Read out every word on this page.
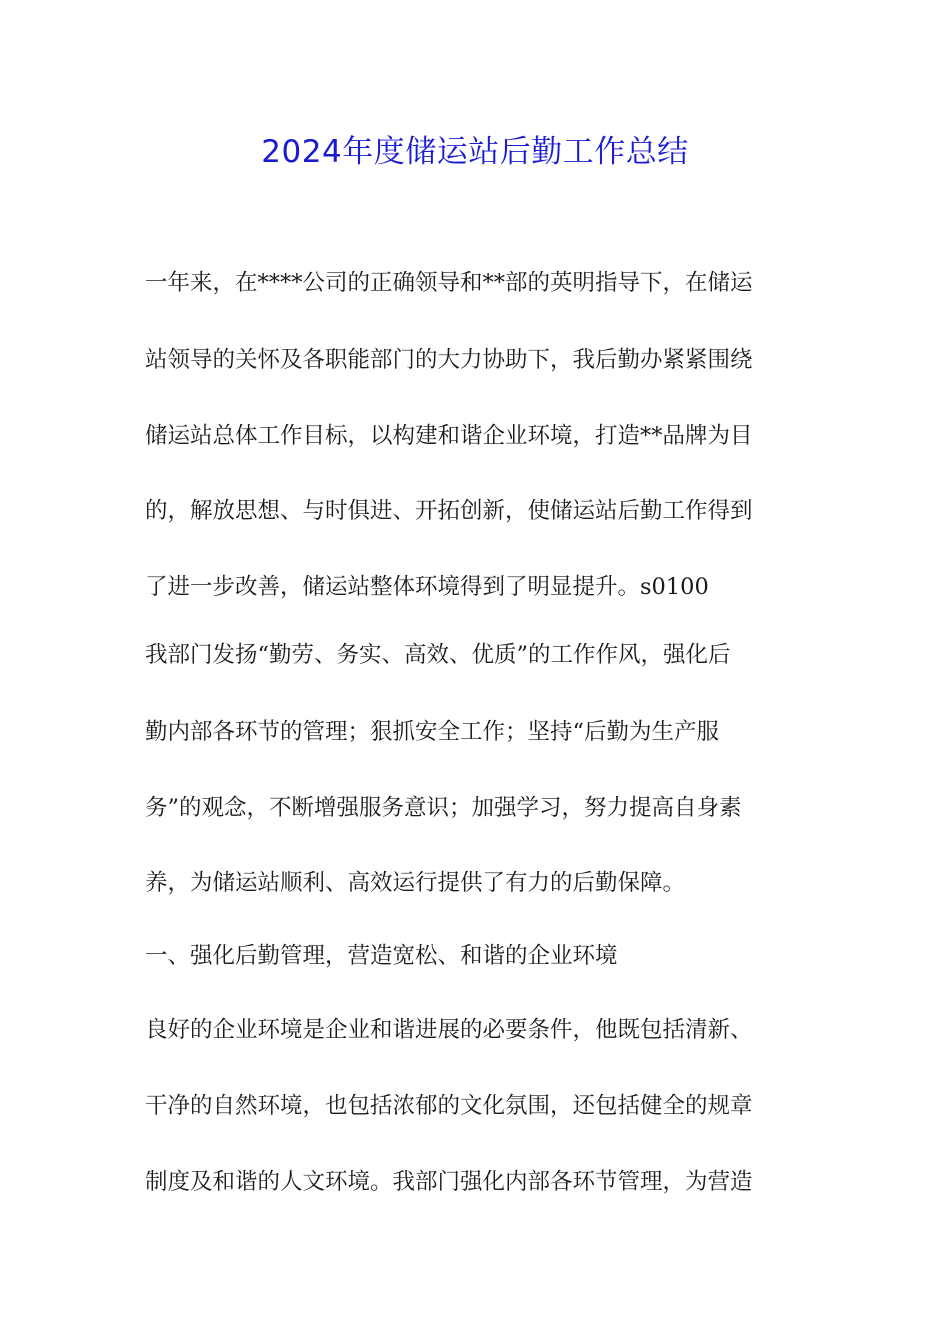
2024年度储运站后勤工作总结

一年来，在****公司的正确领导和**部的英明指导下，在储运

站领导的关怀及各职能部门的大力协助下，我后勤办紧紧围绕

储运站总体工作目标，以构建和谐企业环境，打造**品牌为目

的，解放思想、与时俱进、开拓创新，使储运站后勤工作得到

了进一步改善，储运站整体环境得到了明显提升。s0100

我部门发扬“勤劳、务实、高效、优质”的工作作风，强化后

勤内部各环节的管理；狠抓安全工作；坚持“后勤为生产服

务”的观念，不断增强服务意识；加强学习，努力提高自身素

养，为储运站顺利、高效运行提供了有力的后勤保障。

一、强化后勤管理，营造宽松、和谐的企业环境

良好的企业环境是企业和谐进展的必要条件，他既包括清新、

干净的自然环境，也包括浓郁的文化氛围，还包括健全的规章

制度及和谐的人文环境。我部门强化内部各环节管理，为营造
